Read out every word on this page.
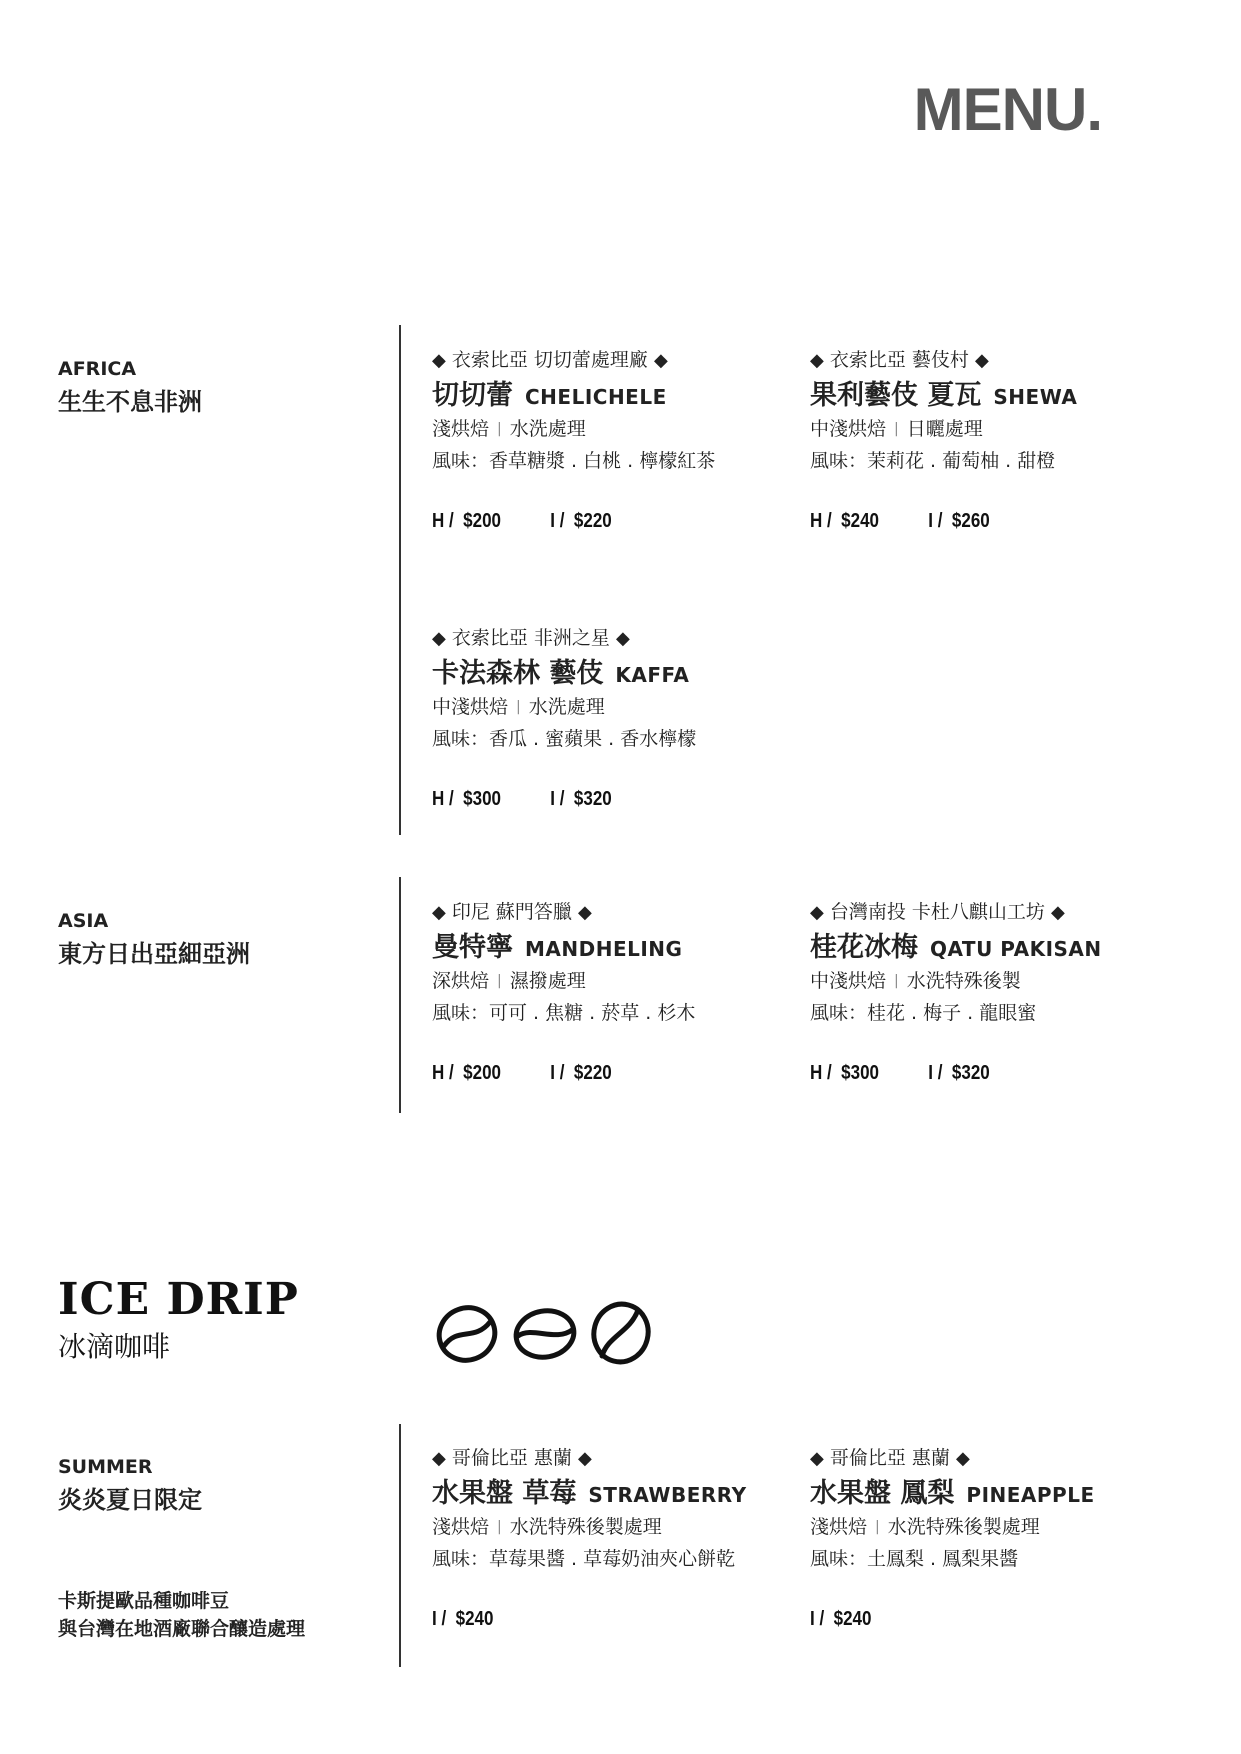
MENU.
AFRICA
生生不息非洲
◆ 衣索比亞 切切蕾處理廠 ◆
切切蕾 CHELICHELE
淺烘焙 | 水洗處理
風味：香草糖漿 . 白桃 . 檸檬紅茶
H / $200 I / $220
◆ 衣索比亞 藝伎村 ◆
果利藝伎 夏瓦 SHEWA
中淺烘焙 | 日曬處理
風味：茉莉花 . 葡萄柚 . 甜橙
H / $240 I / $260
◆ 衣索比亞 非洲之星 ◆
卡法森林 藝伎 KAFFA
中淺烘焙 | 水洗處理
風味：香瓜 . 蜜蘋果 . 香水檸檬
H / $300 I / $320
ASIA
東方日出亞細亞洲
◆ 印尼 蘇門答臘 ◆
曼特寧 MANDHELING
深烘焙 | 濕撥處理
風味：可可 . 焦糖 . 菸草 . 杉木
H / $200 I / $220
◆ 台灣南投 卡杜八麒山工坊 ◆
桂花冰梅 QATU PAKISAN
中淺烘焙 | 水洗特殊後製
風味：桂花 . 梅子 . 龍眼蜜
H / $300 I / $320
ICE DRIP
冰滴咖啡
SUMMER
炎炎夏日限定
卡斯提歐品種咖啡豆
與台灣在地酒廠聯合釀造處理
◆ 哥倫比亞 惠蘭 ◆
水果盤 草莓 STRAWBERRY
淺烘焙 | 水洗特殊後製處理
風味：草莓果醬 . 草莓奶油夾心餅乾
I / $240
◆ 哥倫比亞 惠蘭 ◆
水果盤 鳳梨 PINEAPPLE
淺烘焙 | 水洗特殊後製處理
風味：土鳳梨 . 鳳梨果醬
I / $240
